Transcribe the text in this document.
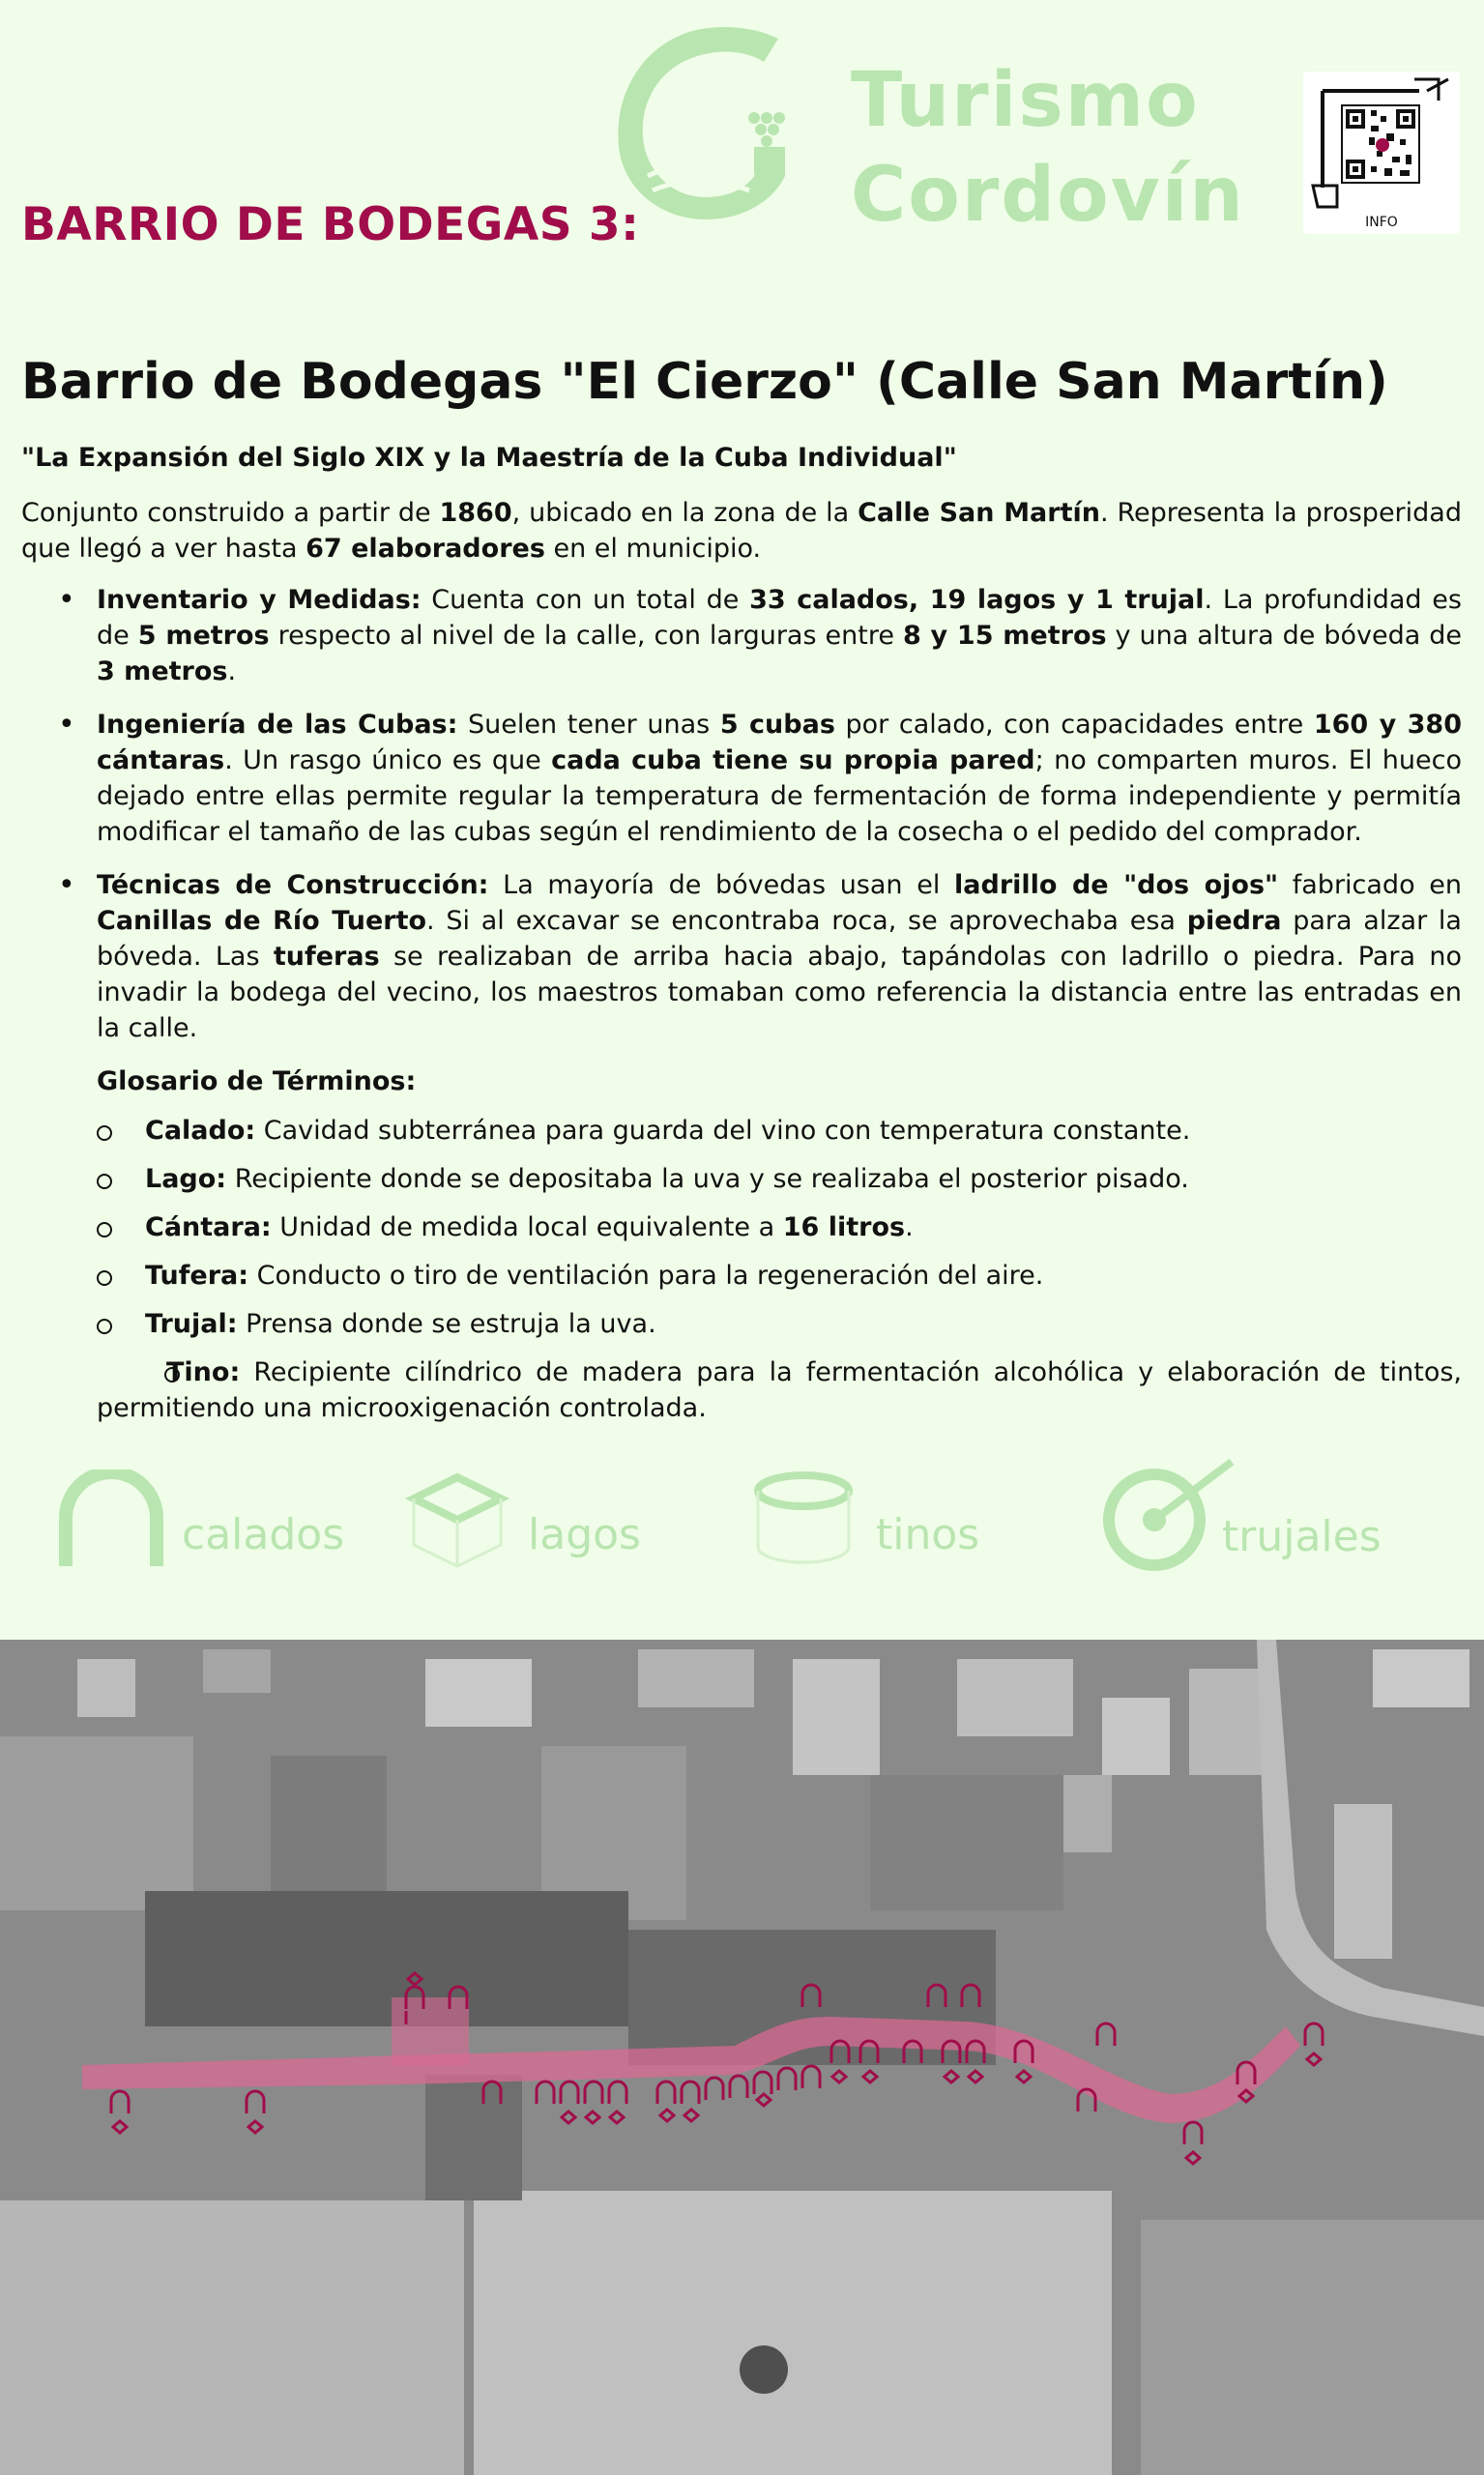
BARRIO DE BODEGAS 3:
Turismo
Cordovín	INFO
Barrio de Bodegas "El Cierzo" (Calle San Martín)
"La Expansión del Siglo XIX y la Maestría de la Cuba Individual"

Conjunto construido a partir de 1860, ubicado en la zona de la Calle San Martín. Representa la prosperidad que llegó a ver hasta 67 elaboradores en el municipio.

• Inventario y Medidas: Cuenta con un total de 33 calados, 19 lagos y 1 trujal. La profundidad es de 5 metros respecto al nivel de la calle, con larguras entre 8 y 15 metros y una altura de bóveda de 3 metros.
• Ingeniería de las Cubas: Suelen tener unas 5 cubas por calado, con capacidades entre 160 y 380 cántaras. Un rasgo único es que cada cuba tiene su propia pared; no comparten muros. El hueco dejado entre ellas permite regular la temperatura de fermentación de forma independiente y permitía modificar el tamaño de las cubas según el rendimiento de la cosecha o el pedido del comprador.
• Técnicas de Construcción: La mayoría de bóvedas usan el ladrillo de "dos ojos" fabricado en Canillas de Río Tuerto. Si al excavar se encontraba roca, se aprovechaba esa piedra para alzar la bóveda. Las tuferas se realizaban de arriba hacia abajo, tapándolas con ladrillo o piedra. Para no invadir la bodega del vecino, los maestros tomaban como referencia la distancia entre las entradas en la calle.
• Glosario de Términos:
Calado: Cavidad subterránea para guarda del vino con temperatura constante.
Lago: Recipiente donde se depositaba la uva y se realizaba el posterior pisado.
Cántara: Unidad de medida local equivalente a 16 litros.
Tufera: Conducto o tiro de ventilación para la regeneración del aire.
Trujal: Prensa donde se estruja la uva.
Tino: Recipiente cilíndrico de madera para la fermentación alcohólica y elaboración de tintos, permitiendo una microoxigenación controlada.
calados	lagos	tinos	trujales
